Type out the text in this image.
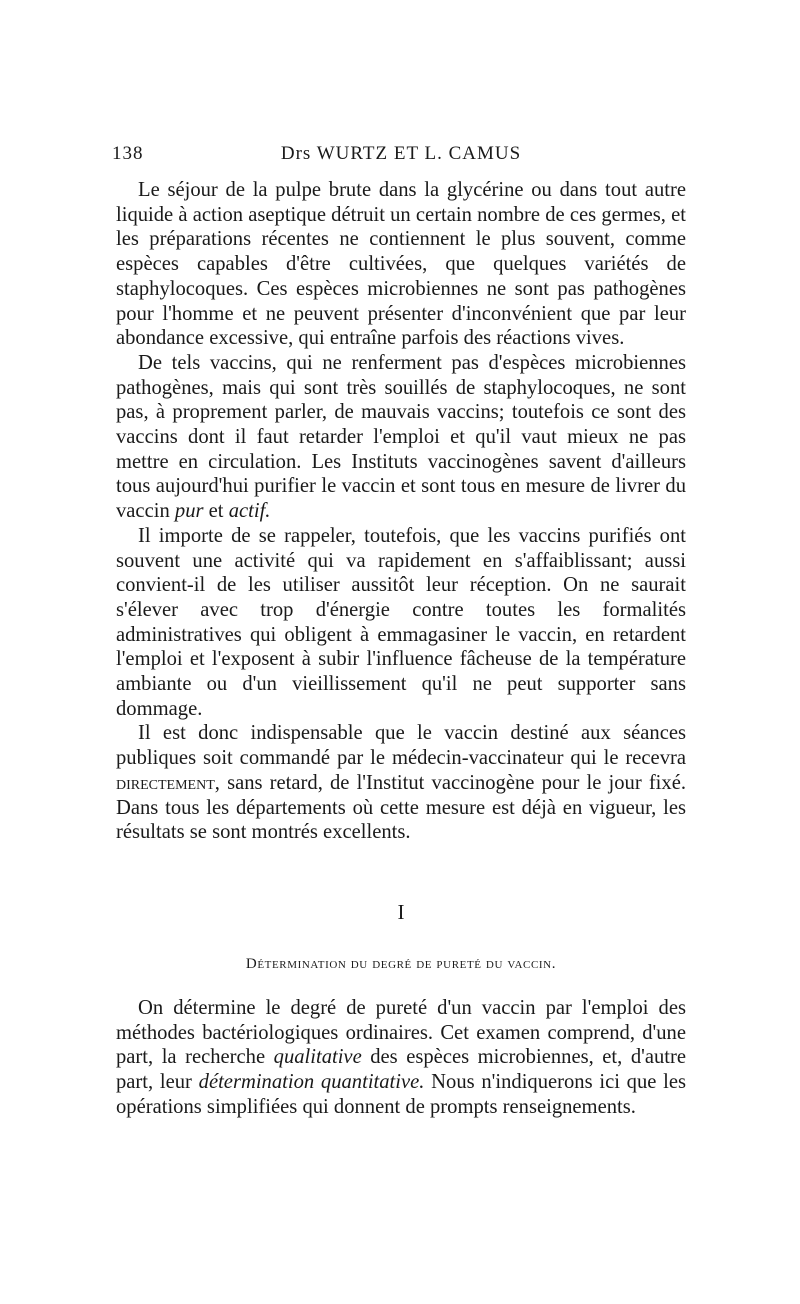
138	Drs WURTZ ET L. CAMUS

Le séjour de la pulpe brute dans la glycérine ou dans tout autre liquide à action aseptique détruit un certain nombre de ces germes, et les préparations récentes ne contiennent le plus souvent, comme espèces capables d'être cultivées, que quelques variétés de staphylocoques. Ces espèces microbiennes ne sont pas pathogènes pour l'homme et ne peuvent présenter d'inconvénient que par leur abondance excessive, qui entraîne parfois des réactions vives.

De tels vaccins, qui ne renferment pas d'espèces microbiennes pathogènes, mais qui sont très souillés de staphylocoques, ne sont pas, à proprement parler, de mauvais vaccins; toutefois ce sont des vaccins dont il faut retarder l'emploi et qu'il vaut mieux ne pas mettre en circulation. Les Instituts vaccinogènes savent d'ailleurs tous aujourd'hui purifier le vaccin et sont tous en mesure de livrer du vaccin pur et actif.

Il importe de se rappeler, toutefois, que les vaccins purifiés ont souvent une activité qui va rapidement en s'affaiblissant; aussi convient-il de les utiliser aussitôt leur réception. On ne saurait s'élever avec trop d'énergie contre toutes les formalités administratives qui obligent à emmagasiner le vaccin, en retardent l'emploi et l'exposent à subir l'influence fâcheuse de la température ambiante ou d'un vieillissement qu'il ne peut supporter sans dommage.

Il est donc indispensable que le vaccin destiné aux séances publiques soit commandé par le médecin-vaccinateur qui le recevra directement, sans retard, de l'Institut vaccinogène pour le jour fixé. Dans tous les départements où cette mesure est déjà en vigueur, les résultats se sont montrés excellents.

I
Détermination du degré de pureté du vaccin.

On détermine le degré de pureté d'un vaccin par l'emploi des méthodes bactériologiques ordinaires. Cet examen comprend, d'une part, la recherche qualitative des espèces microbiennes, et, d'autre part, leur détermination quantitative. Nous n'indiquerons ici que les opérations simplifiées qui donnent de prompts renseignements.
